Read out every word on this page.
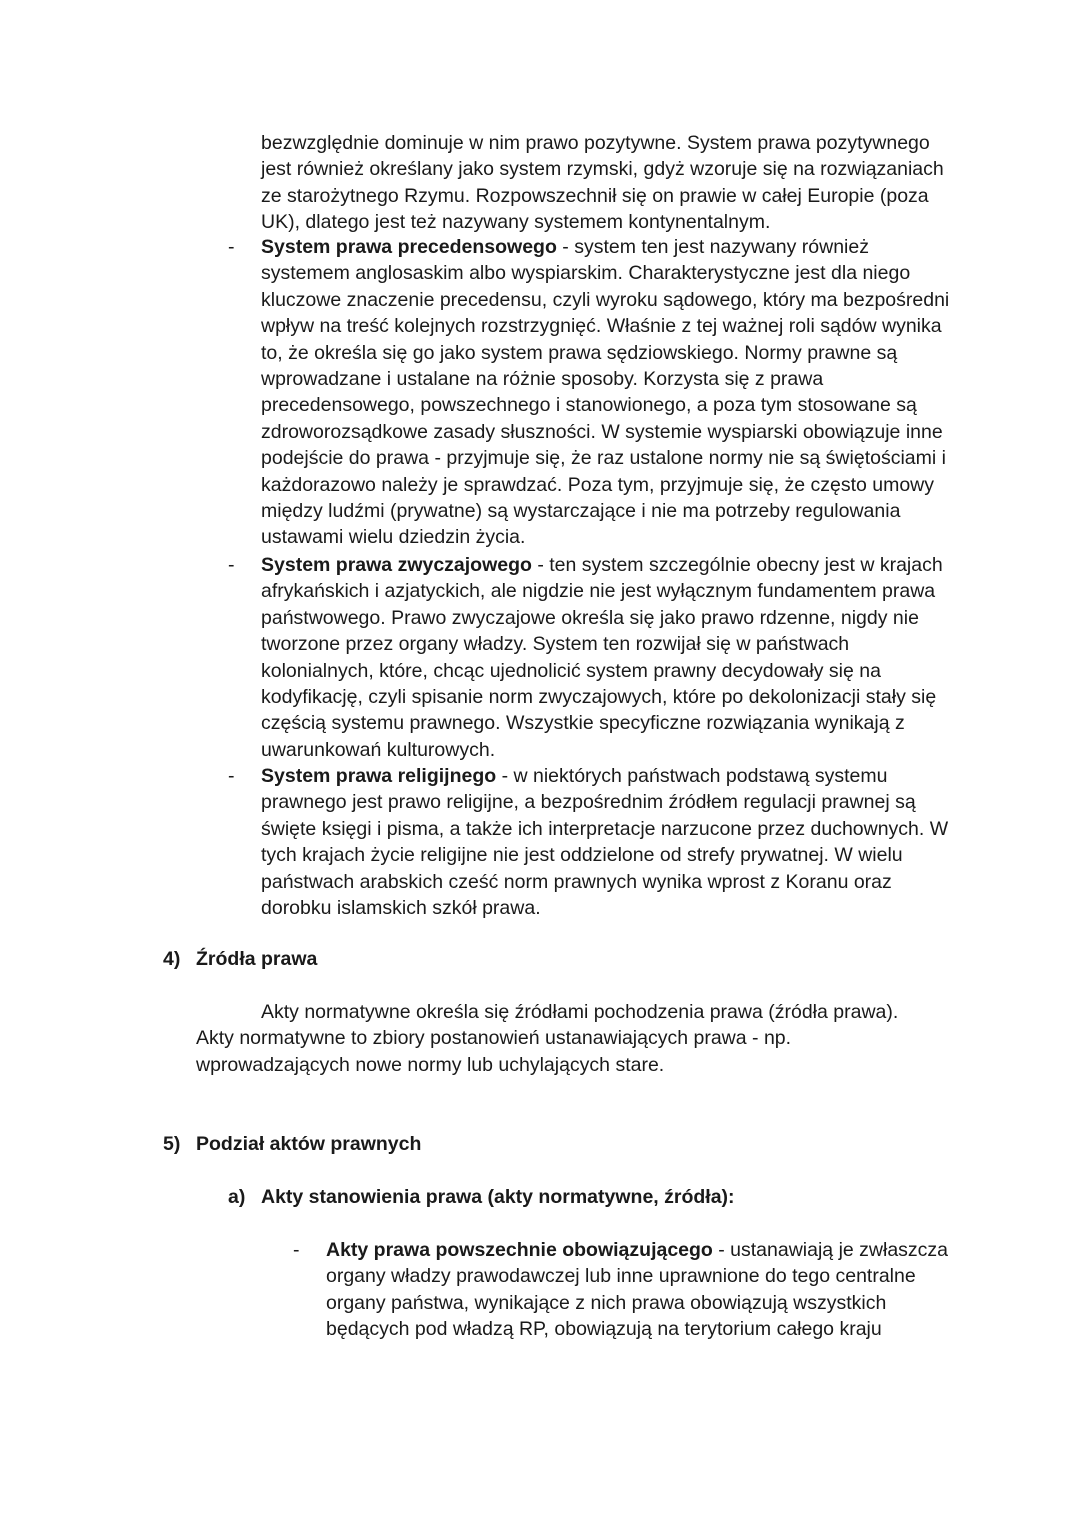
bezwzględnie dominuje w nim prawo pozytywne. System prawa pozytywnego jest również określany jako system rzymski, gdyż wzoruje się na rozwiązaniach ze starożytnego Rzymu. Rozpowszechnił się on prawie w całej Europie (poza UK), dlatego jest też nazywany systemem kontynentalnym.
-	System prawa precedensowego - system ten jest nazywany również systemem anglosaskim albo wyspiarskim. Charakterystyczne jest dla niego kluczowe znaczenie precedensu, czyli wyroku sądowego, który ma bezpośredni wpływ na treść kolejnych rozstrzygnięć. Właśnie z tej ważnej roli sądów wynika to, że określa się go jako system prawa sędziowskiego. Normy prawne są wprowadzane i ustalane na różnie sposoby. Korzysta się z prawa precedensowego, powszechnego i stanowionego, a poza tym stosowane są zdroworozsądkowe zasady słuszności. W systemie wyspiarski obowiązuje inne podejście do prawa - przyjmuje się, że raz ustalone normy nie są świętościami i każdorazowo należy je sprawdzać. Poza tym, przyjmuje się, że często umowy między ludźmi (prywatne) są wystarczające i nie ma potrzeby regulowania ustawami wielu dziedzin życia.
-	System prawa zwyczajowego - ten system szczególnie obecny jest w krajach afrykańskich i azjatyckich, ale nigdzie nie jest wyłącznym fundamentem prawa państwowego. Prawo zwyczajowe określa się jako prawo rdzenne, nigdy nie tworzone przez organy władzy. System ten rozwijał się w państwach kolonialnych, które, chcąc ujednolicić system prawny decydowały się na kodyfikację, czyli spisanie norm zwyczajowych, które po dekolonizacji stały się częścią systemu prawnego. Wszystkie specyficzne rozwiązania wynikają z uwarunkowań kulturowych.
-	System prawa religijnego - w niektórych państwach podstawą systemu prawnego jest prawo religijne, a bezpośrednim źródłem regulacji prawnej są święte księgi i pisma, a także ich interpretacje narzucone przez duchownych. W tych krajach życie religijne nie jest oddzielone od strefy prywatnej. W wielu państwach arabskich cześć norm prawnych wynika wprost z Koranu oraz dorobku islamskich szkół prawa.
4) Źródła prawa
Akty normatywne określa się źródłami pochodzenia prawa (źródła prawa). Akty normatywne to zbiory postanowień ustanawiających prawa - np. wprowadzających nowe normy lub uchylających stare.
5) Podział aktów prawnych
a) Akty stanowienia prawa (akty normatywne, źródła):
- Akty prawa powszechnie obowiązującego - ustanawiają je zwłaszcza organy władzy prawodawczej lub inne uprawnione do tego centralne organy państwa, wynikające z nich prawa obowiązują wszystkich będących pod władzą RP, obowiązują na terytorium całego kraju
